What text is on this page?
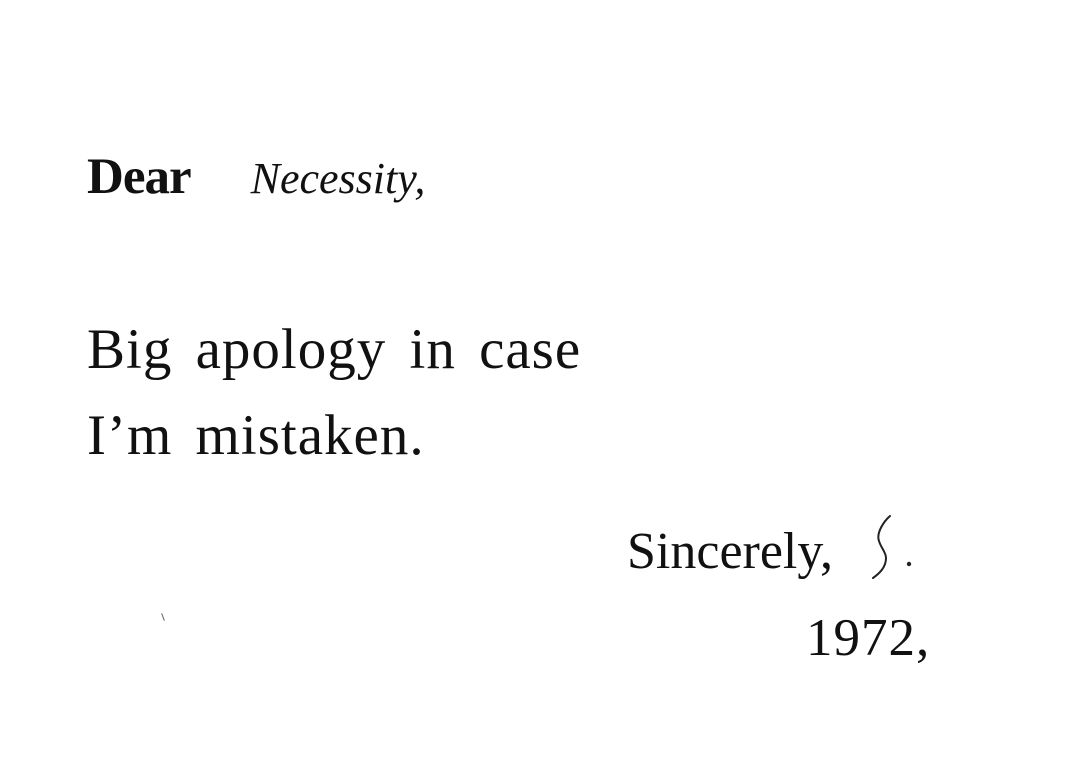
Dear Necessity,
Big apology in case
I’m mistaken.
Sincerely,
1972,
